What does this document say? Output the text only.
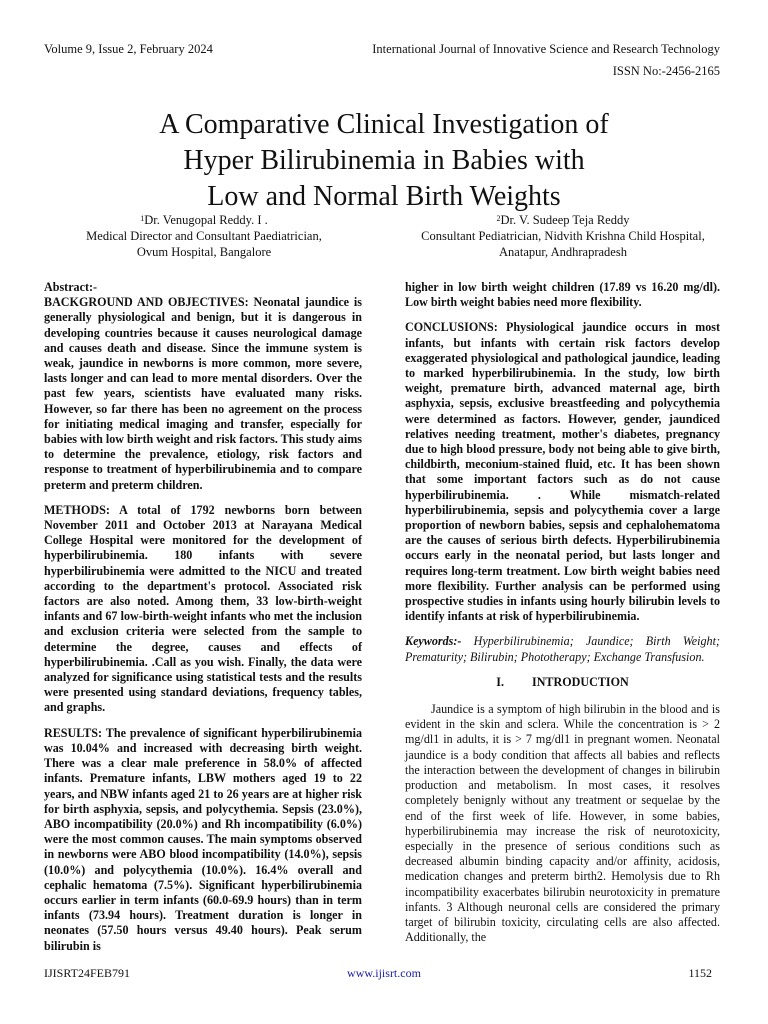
Volume 9, Issue 2, February 2024	International Journal of Innovative Science and Research Technology
ISSN No:-2456-2165
A Comparative Clinical Investigation of
Hyper Bilirubinemia in Babies with
Low and Normal Birth Weights
$^1$Dr. Venugopal Reddy. I .
Medical Director and Consultant Paediatrician,
Ovum Hospital, Bangalore
$^2$Dr. V. Sudeep Teja Reddy
Consultant Pediatrician, Nidvith Krishna Child Hospital,
Anatapur, Andhrapradesh
Abstract:-

BACKGROUND AND OBJECTIVES: Neonatal jaundice is generally physiological and benign, but it is dangerous in developing countries because it causes neurological damage and causes death and disease. Since the immune system is weak, jaundice in newborns is more common, more severe, lasts longer and can lead to more mental disorders. Over the past few years, scientists have evaluated many risks. However, so far there has been no agreement on the process for initiating medical imaging and transfer, especially for babies with low birth weight and risk factors. This study aims to determine the prevalence, etiology, risk factors and response to treatment of hyperbilirubinemia and to compare preterm and preterm children.

METHODS: A total of 1792 newborns born between November 2011 and October 2013 at Narayana Medical College Hospital were monitored for the development of hyperbilirubinemia. 180 infants with severe hyperbilirubinemia were admitted to the NICU and treated according to the department's protocol. Associated risk factors are also noted. Among them, 33 low-birth-weight infants and 67 low-birth-weight infants who met the inclusion and exclusion criteria were selected from the sample to determine the degree, causes and effects of hyperbilirubinemia. .Call as you wish. Finally, the data were analyzed for significance using statistical tests and the results were presented using standard deviations, frequency tables, and graphs.

RESULTS: The prevalence of significant hyperbilirubinemia was 10.04% and increased with decreasing birth weight. There was a clear male preference in 58.0% of affected infants. Premature infants, LBW mothers aged 19 to 22 years, and NBW infants aged 21 to 26 years are at higher risk for birth asphyxia, sepsis, and polycythemia. Sepsis (23.0%), ABO incompatibility (20.0%) and Rh incompatibility (6.0%) were the most common causes. The main symptoms observed in newborns were ABO blood incompatibility (14.0%), sepsis (10.0%) and polycythemia (10.0%). 16.4% overall and cephalic hematoma (7.5%). Significant hyperbilirubinemia occurs earlier in term infants (60.0-69.9 hours) than in term infants (73.94 hours). Treatment duration is longer in neonates (57.50 hours versus 49.40 hours). Peak serum bilirubin is

higher in low birth weight children (17.89 vs 16.20 mg/dl). Low birth weight babies need more flexibility.

CONCLUSIONS: Physiological jaundice occurs in most infants, but infants with certain risk factors develop exaggerated physiological and pathological jaundice, leading to marked hyperbilirubinemia. In the study, low birth weight, premature birth, advanced maternal age, birth asphyxia, sepsis, exclusive breastfeeding and polycythemia were determined as factors. However, gender, jaundiced relatives needing treatment, mother's diabetes, pregnancy due to high blood pressure, body not being able to give birth, childbirth, meconium-stained fluid, etc. It has been shown that some important factors such as do not cause hyperbilirubinemia. . While mismatch-related hyperbilirubinemia, sepsis and polycythemia cover a large proportion of newborn babies, sepsis and cephalohematoma are the causes of serious birth defects. Hyperbilirubinemia occurs early in the neonatal period, but lasts longer and requires long-term treatment. Low birth weight babies need more flexibility. Further analysis can be performed using prospective studies in infants using hourly bilirubin levels to identify infants at risk of hyperbilirubinemia.

Keywords:- Hyperbilirubinemia; Jaundice; Birth Weight; Prematurity; Bilirubin; Phototherapy; Exchange Transfusion.

I. INTRODUCTION

Jaundice is a symptom of high bilirubin in the blood and is evident in the skin and sclera. While the concentration is > 2 mg/dl1 in adults, it is > 7 mg/dl1 in pregnant women. Neonatal jaundice is a body condition that affects all babies and reflects the interaction between the development of changes in bilirubin production and metabolism. In most cases, it resolves completely benignly without any treatment or sequelae by the end of the first week of life. However, in some babies, hyperbilirubinemia may increase the risk of neurotoxicity, especially in the presence of serious conditions such as decreased albumin binding capacity and/or affinity, acidosis, medication changes and preterm birth2. Hemolysis due to Rh incompatibility exacerbates bilirubin neurotoxicity in premature infants. 3 Although neuronal cells are considered the primary target of bilirubin toxicity, circulating cells are also affected. Additionally, the

IJISRT24FEB791	www.ijisrt.com	1152
